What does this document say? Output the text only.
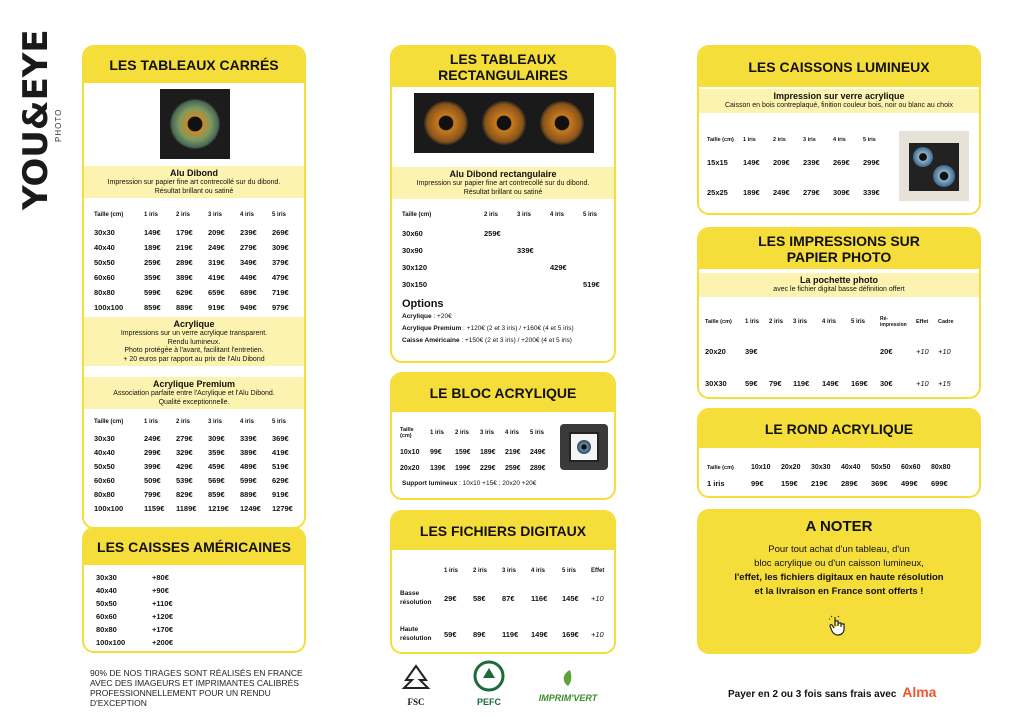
YOU&EYE
PHOTO
LES TABLEAUX CARRÉS
Alu Dibond
Impression sur papier fine art contrecollé sur du dibond.
Résultat brillant ou satiné
Taille (cm)	1 iris	2 iris	3 iris	4 iris	5 iris
30x30	149€	179€	209€	239€	269€
40x40	189€	219€	249€	279€	309€
50x50	259€	289€	319€	349€	379€
60x60	359€	389€	419€	449€	479€
80x80	599€	629€	659€	689€	719€
100x100	859€	889€	919€	949€	979€
Acrylique
Impressions sur un verre acrylique transparent.
Rendu lumineux.
Photo protégée à l'avant, facilitant l'entretien.
+ 20 euros par rapport au prix de l'Alu Dibond
Acrylique Premium
Association parfaite entre l'Acrylique et l'Alu Dibond.
Qualité exceptionnelle.
Taille (cm)	1 iris	2 iris	3 iris	4 iris	5 iris
30x30	249€	279€	309€	339€	369€
40x40	299€	329€	359€	389€	419€
50x50	399€	429€	459€	489€	519€
60x60	509€	539€	569€	599€	629€
80x80	799€	829€	859€	889€	919€
100x100	1159€	1189€	1219€	1249€	1279€
LES CAISSES AMÉRICAINES
30x30	+80€
40x40	+90€
50x50	+110€
60x60	+120€
80x80	+170€
100x100	+200€
LES TABLEAUX
RECTANGULAIRES
Alu Dibond rectangulaire
Impression sur papier fine art contrecollé sur du dibond.
Résultat brillant ou satiné
Taille (cm)	2 iris	3 iris	4 iris	5 iris
30x60	259€			
30x90		339€		
30x120			429€	
30x150				519€
Options
Acrylique : +20€
Acrylique Premium : +120€ (2 et 3 iris) / +160€ (4 et 5 iris)
Caisse Américaine : +150€ (2 et 3 iris) / +200€ (4 et 5 iris)
LE BLOC ACRYLIQUE
Taille (cm)	1 iris	2 iris	3 iris	4 iris	5 iris
10x10	99€	159€	189€	219€	249€
20x20	139€	199€	229€	259€	289€
Support lumineux : 10x10 +15€ ; 20x20 +20€
LES FICHIERS DIGITAUX
	1 iris	2 iris	3 iris	4 iris	5 iris	Effet
Basse résolution	29€	58€	87€	116€	145€	+10
Haute résolution	59€	89€	119€	149€	169€	+10
LES CAISSONS LUMINEUX
Impression sur verre acrylique
Caisson en bois contreplaqué, finition couleur bois, noir ou blanc au choix
Taille (cm)	1 iris	2 iris	3 iris	4 iris	5 iris
15x15	149€	209€	239€	269€	299€
25x25	189€	249€	279€	309€	339€
LES IMPRESSIONS SUR
PAPIER PHOTO
La pochette photo
avec le fichier digital basse définition offert
Taille (cm)	1 iris	2 iris	3 iris	4 iris	5 iris	Ré-impression	Effet	Cadre
20x20	39€					20€	+10	+10
30X30	59€	79€	119€	149€	169€	30€	+10	+15
LE ROND ACRYLIQUE
Taille (cm)	10x10	20x20	30x30	40x40	50x50	60x60	80x80
1 iris	99€	159€	219€	289€	369€	499€	699€
A NOTER
Pour tout achat d'un tableau, d'un
bloc acrylique ou d'un caisson lumineux,
l'effet, les fichiers digitaux en haute résolution
et la livraison en France sont offerts !
90% DE NOS TIRAGES SONT RÉALISÉS EN FRANCE
AVEC DES IMAGEURS ET IMPRIMANTES CALIBRÉS
PROFESSIONNELLEMENT POUR UN RENDU
D'EXCEPTION	FSC	PEFC	IMPRIM'VERT	Payer en 2 ou 3 fois sans frais avec Alma
